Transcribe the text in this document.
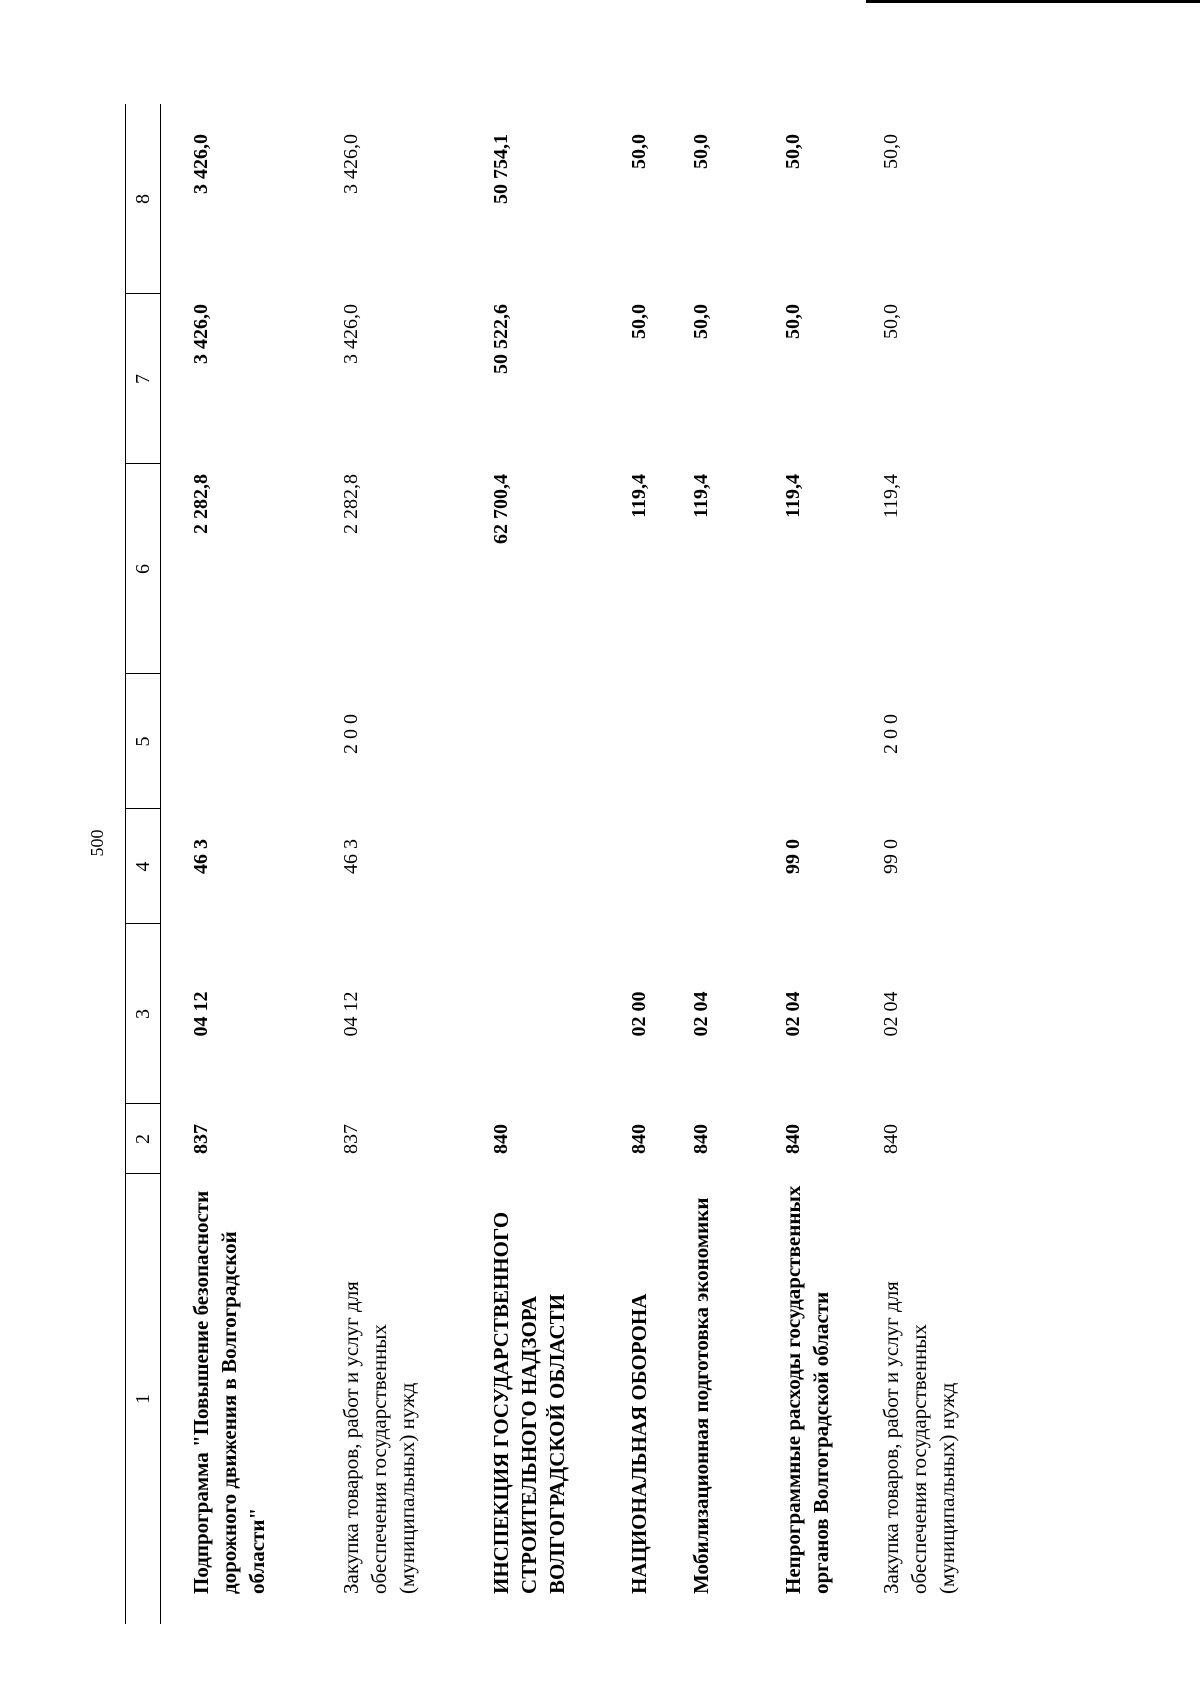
500
1
2
3
4
5
6
7
8
Подпрограмма "Повышение безопасности дорожного движения в Волгоградской области"
837
04 12
46 3
2 282,8
3 426,0
3 426,0
Закупка товаров, работ и услуг для обеспечения государственных (муниципальных) нужд
837
04 12
46 3
2 0 0
2 282,8
3 426,0
3 426,0
ИНСПЕКЦИЯ ГОСУДАРСТВЕННОГО СТРОИТЕЛЬНОГО НАДЗОРА ВОЛГОГРАДСКОЙ ОБЛАСТИ
840
62 700,4
50 522,6
50 754,1
НАЦИОНАЛЬНАЯ ОБОРОНА
840
02 00
119,4
50,0
50,0
Мобилизационная подготовка экономики
840
02 04
119,4
50,0
50,0
Непрограммные расходы государственных органов Волгоградской области
840
02 04
99 0
119,4
50,0
50,0
Закупка товаров, работ и услуг для обеспечения государственных (муниципальных) нужд
840
02 04
99 0
2 0 0
119,4
50,0
50,0
